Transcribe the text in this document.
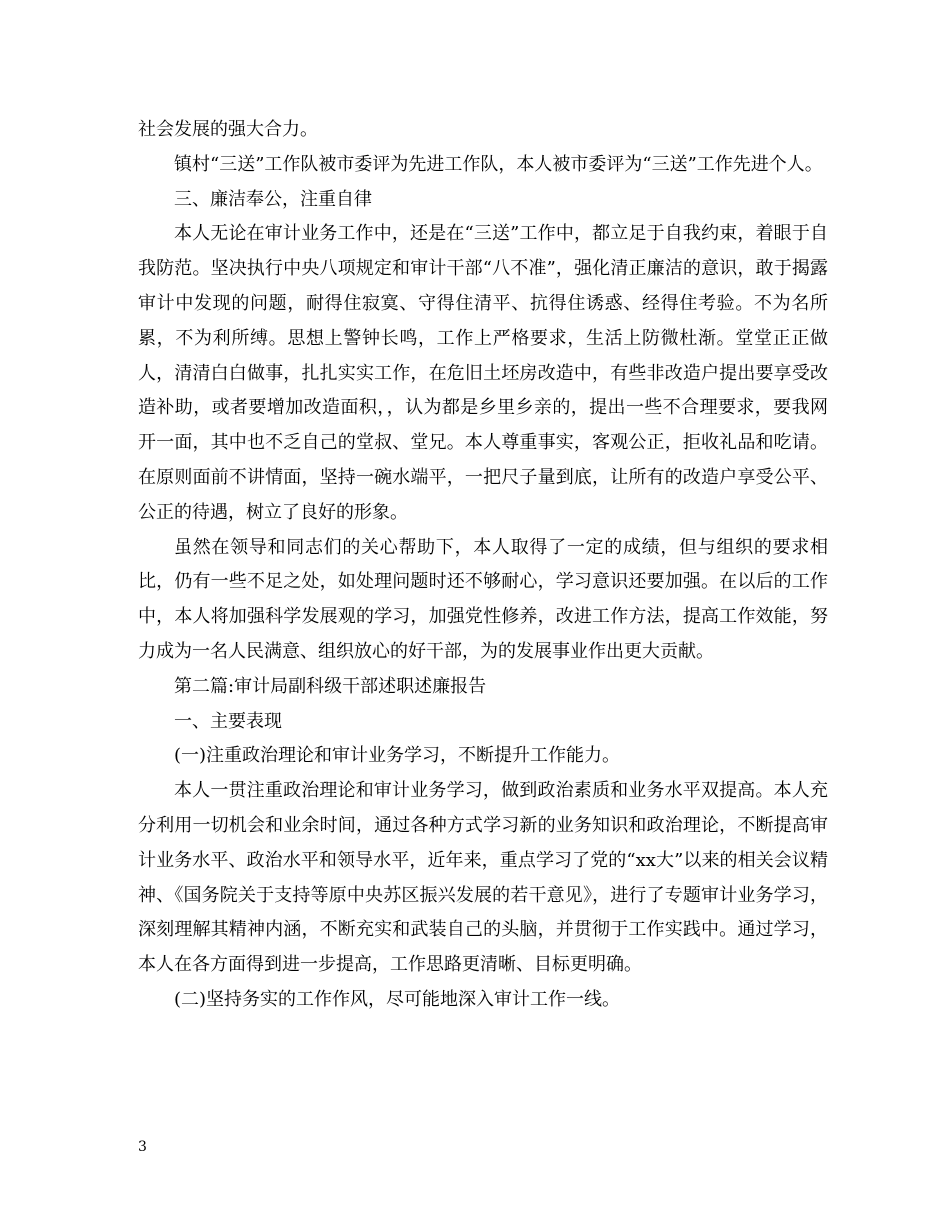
社会发展的强大合力。

镇村“三送”工作队被市委评为先进工作队，本人被市委评为“三送”工作先进个人。

三、廉洁奉公，注重自律

本人无论在审计业务工作中，还是在“三送”工作中，都立足于自我约束，着眼于自我防范。坚决执行中央八项规定和审计干部“八不准”，强化清正廉洁的意识，敢于揭露审计中发现的问题，耐得住寂寞、守得住清平、抗得住诱惑、经得住考验。不为名所累，不为利所缚。思想上警钟长鸣，工作上严格要求，生活上防微杜渐。堂堂正正做人，清清白白做事，扎扎实实工作，在危旧土坯房改造中，有些非改造户提出要享受改造补助，或者要增加改造面积，，认为都是乡里乡亲的，提出一些不合理要求，要我网开一面，其中也不乏自己的堂叔、堂兄。本人尊重事实，客观公正，拒收礼品和吃请。在原则面前不讲情面，坚持一碗水端平，一把尺子量到底，让所有的改造户享受公平、公正的待遇，树立了良好的形象。

虽然在领导和同志们的关心帮助下，本人取得了一定的成绩，但与组织的要求相比，仍有一些不足之处，如处理问题时还不够耐心，学习意识还要加强。在以后的工作中，本人将加强科学发展观的学习，加强党性修养，改进工作方法，提高工作效能，努力成为一名人民满意、组织放心的好干部，为的发展事业作出更大贡献。

第二篇:审计局副科级干部述职述廉报告

一、主要表现

(一)注重政治理论和审计业务学习，不断提升工作能力。

本人一贯注重政治理论和审计业务学习，做到政治素质和业务水平双提高。本人充分利用一切机会和业余时间，通过各种方式学习新的业务知识和政治理论，不断提高审计业务水平、政治水平和领导水平，近年来，重点学习了党的“xx大”以来的相关会议精神、《国务院关于支持等原中央苏区振兴发展的若干意见》，进行了专题审计业务学习，深刻理解其精神内涵，不断充实和武装自己的头脑，并贯彻于工作实践中。通过学习，本人在各方面得到进一步提高，工作思路更清晰、目标更明确。

(二)坚持务实的工作作风，尽可能地深入审计工作一线。

3
